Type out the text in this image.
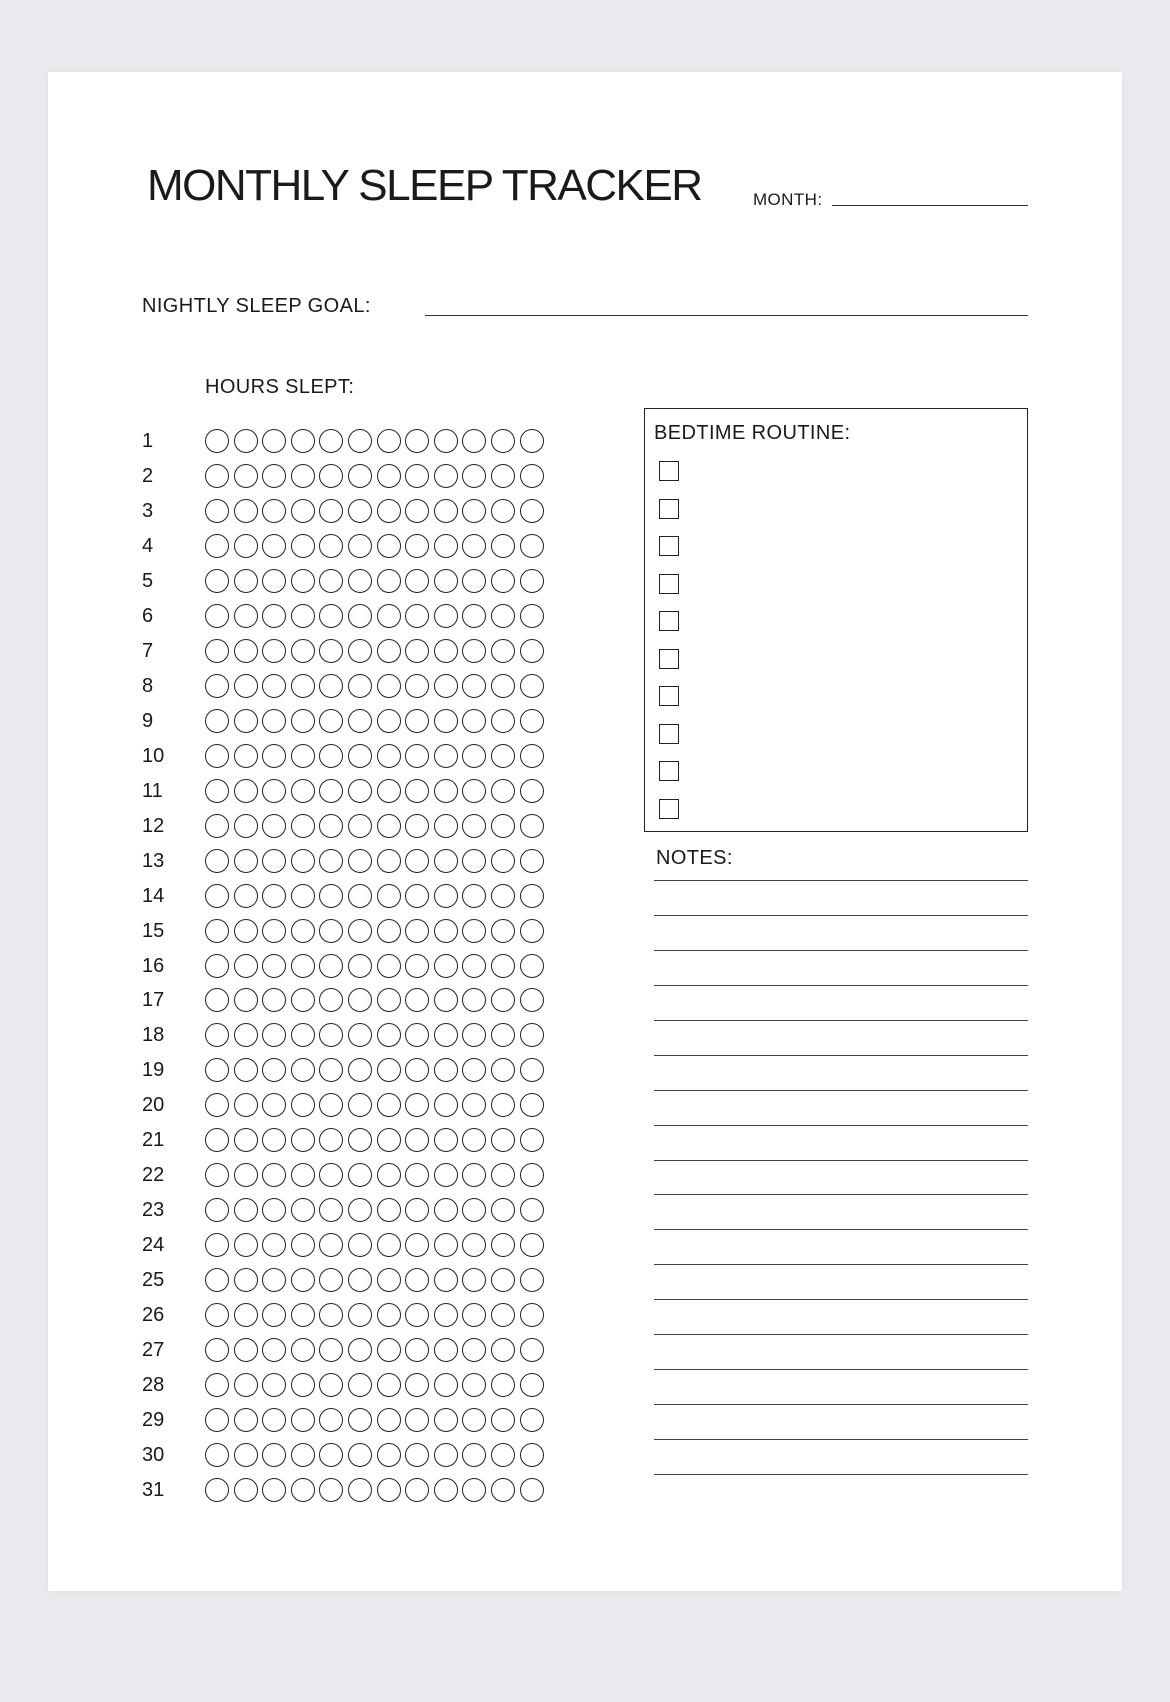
MONTHLY SLEEP TRACKER	MONTH:
NIGHTLY SLEEP GOAL:
HOURS SLEPT:
1
2
3
4
5
6
7
8
9
10
11
12
13
14
15
16
17
18
19
20
21
22
23
24
25
26
27
28
29
30
31
BEDTIME ROUTINE:
NOTES:
